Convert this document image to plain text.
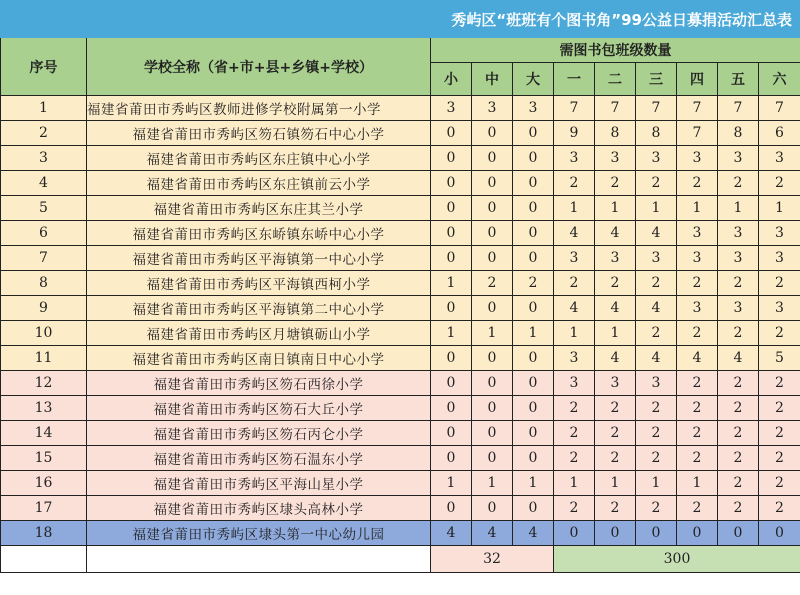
秀屿区“班班有个图书角”99公益日募捐活动汇总表										
序号	学校全称（省+市+县+乡镇+学校）	需图书包班级数量								
		小	中	大	一	二	三	四	五	六
1	福建省莆田市秀屿区教师进修学校附属第一小学	3	3	3	7	7	7	7	7	7
2	福建省莆田市秀屿区笏石镇笏石中心小学	0	0	0	9	8	8	7	8	6
3	福建省莆田市秀屿区东庄镇中心小学	0	0	0	3	3	3	3	3	3
4	福建省莆田市秀屿区东庄镇前云小学	0	0	0	2	2	2	2	2	2
5	福建省莆田市秀屿区东庄其兰小学	0	0	0	1	1	1	1	1	1
6	福建省莆田市秀屿区东峤镇东峤中心小学	0	0	0	4	4	4	3	3	3
7	福建省莆田市秀屿区平海镇第一中心小学	0	0	0	3	3	3	3	3	3
8	福建省莆田市秀屿区平海镇西柯小学	1	2	2	2	2	2	2	2	2
9	福建省莆田市秀屿区平海镇第二中心小学	0	0	0	4	4	4	3	3	3
10	福建省莆田市秀屿区月塘镇砺山小学	1	1	1	1	1	2	2	2	2
11	福建省莆田市秀屿区南日镇南日中心小学	0	0	0	3	4	4	4	4	5
12	福建省莆田市秀屿区笏石西徐小学	0	0	0	3	3	3	2	2	2
13	福建省莆田市秀屿区笏石大丘小学	0	0	0	2	2	2	2	2	2
14	福建省莆田市秀屿区笏石丙仑小学	0	0	0	2	2	2	2	2	2
15	福建省莆田市秀屿区笏石温东小学	0	0	0	2	2	2	2	2	2
16	福建省莆田市秀屿区平海山星小学	1	1	1	1	1	1	1	2	2
17	福建省莆田市秀屿区埭头高林小学	0	0	0	2	2	2	2	2	2
18	福建省莆田市秀屿区埭头第一中心幼儿园	4	4	4	0	0	0	0	0	0
		32			300					
